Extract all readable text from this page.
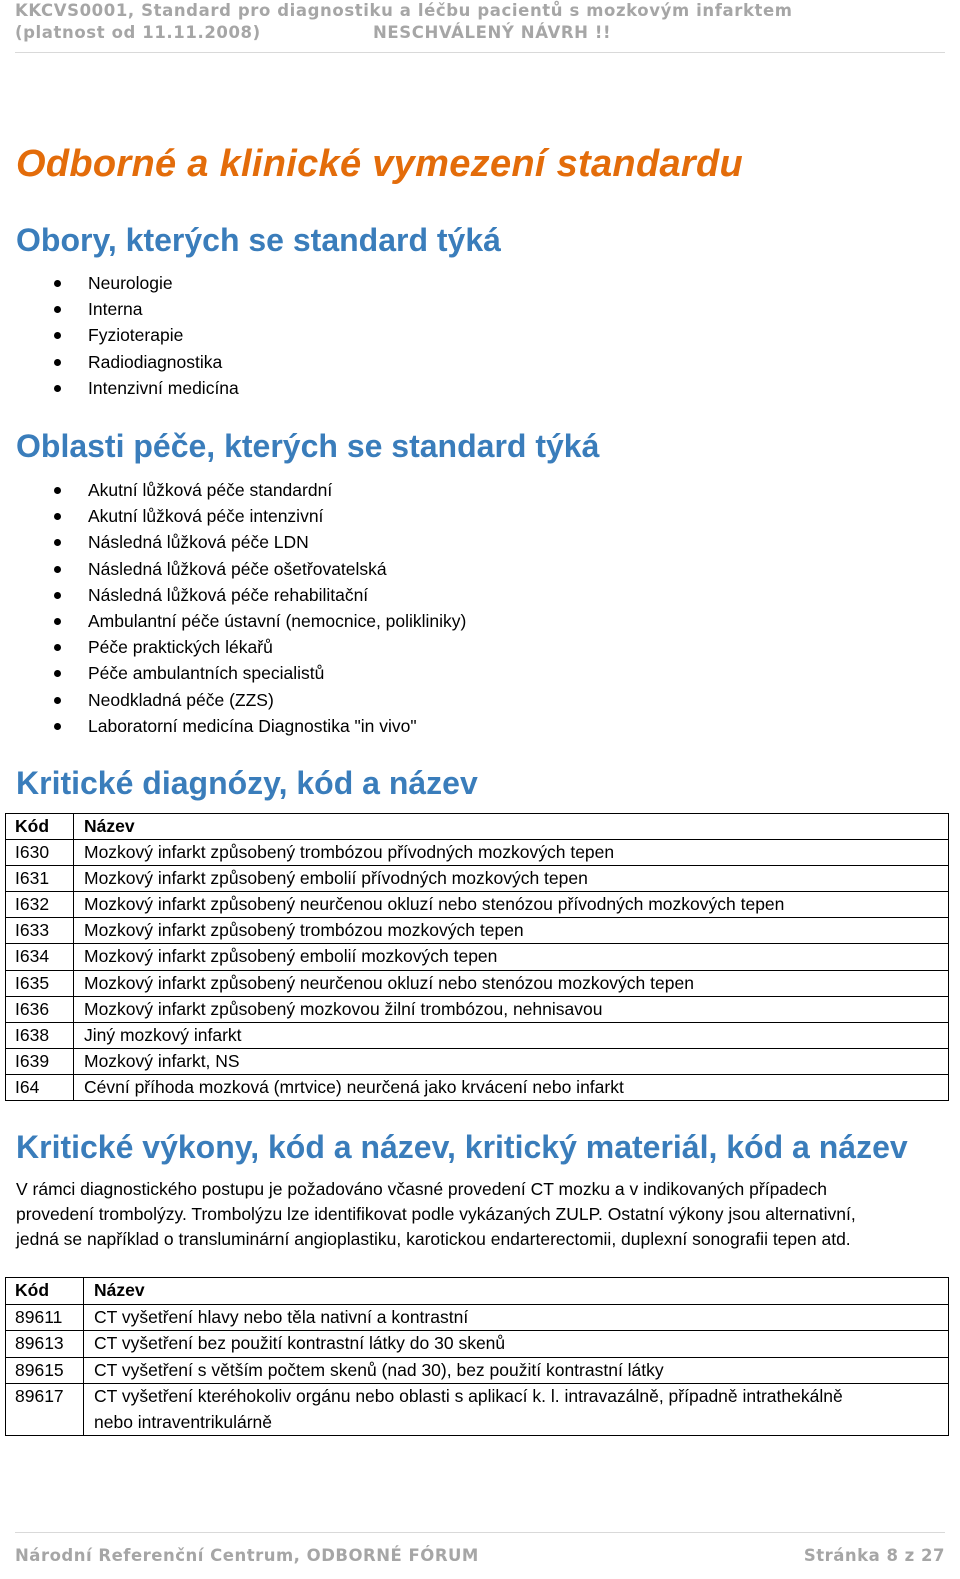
KKCVS0001, Standard pro diagnostiku a léčbu pacientů s mozkovým infarktem
(platnost od 11.11.2008)	NESCHVÁLENÝ NÁVRH !!
Odborné a klinické vymezení standardu
Obory, kterých se standard týká
Neurologie
Interna
Fyzioterapie
Radiodiagnostika
Intenzivní medicína
Oblasti péče, kterých se standard týká
Akutní lůžková péče standardní
Akutní lůžková péče intenzivní
Následná lůžková péče LDN
Následná lůžková péče ošetřovatelská
Následná lůžková péče rehabilitační
Ambulantní péče ústavní (nemocnice, polikliniky)
Péče praktických lékařů
Péče ambulantních specialistů
Neodkladná péče (ZZS)
Laboratorní medicína Diagnostika "in vivo"
Kritické diagnózy, kód a název
Kód	Název
I630	Mozkový infarkt způsobený trombózou přívodných mozkových tepen
I631	Mozkový infarkt způsobený embolií přívodných mozkových tepen
I632	Mozkový infarkt způsobený neurčenou okluzí nebo stenózou přívodných mozkových tepen
I633	Mozkový infarkt způsobený trombózou mozkových tepen
I634	Mozkový infarkt způsobený embolií mozkových tepen
I635	Mozkový infarkt způsobený neurčenou okluzí nebo stenózou mozkových tepen
I636	Mozkový infarkt způsobený mozkovou žilní trombózou, nehnisavou
I638	Jiný mozkový infarkt
I639	Mozkový infarkt, NS
I64	Cévní příhoda mozková (mrtvice) neurčená jako krvácení nebo infarkt
Kritické výkony, kód a název, kritický materiál, kód a název
V rámci diagnostického postupu je požadováno včasné provedení CT mozku a v indikovaných případech
provedení trombolýzy. Trombolýzu lze identifikovat podle vykázaných ZULP. Ostatní výkony jsou alternativní,
jedná se například o transluminární angioplastiku, karotickou endarterectomii, duplexní sonografii tepen atd.
Kód	Název
89611	CT vyšetření hlavy nebo těla nativní a kontrastní
89613	CT vyšetření bez použití kontrastní látky do 30 skenů
89615	CT vyšetření s větším počtem skenů (nad 30), bez použití kontrastní látky
89617	CT vyšetření kteréhokoliv orgánu nebo oblasti s aplikací k. l. intravazálně, případně intrathekálně
nebo intraventrikulárně
Národní Referenční Centrum, ODBORNÉ FÓRUM	Stránka 8 z 27
